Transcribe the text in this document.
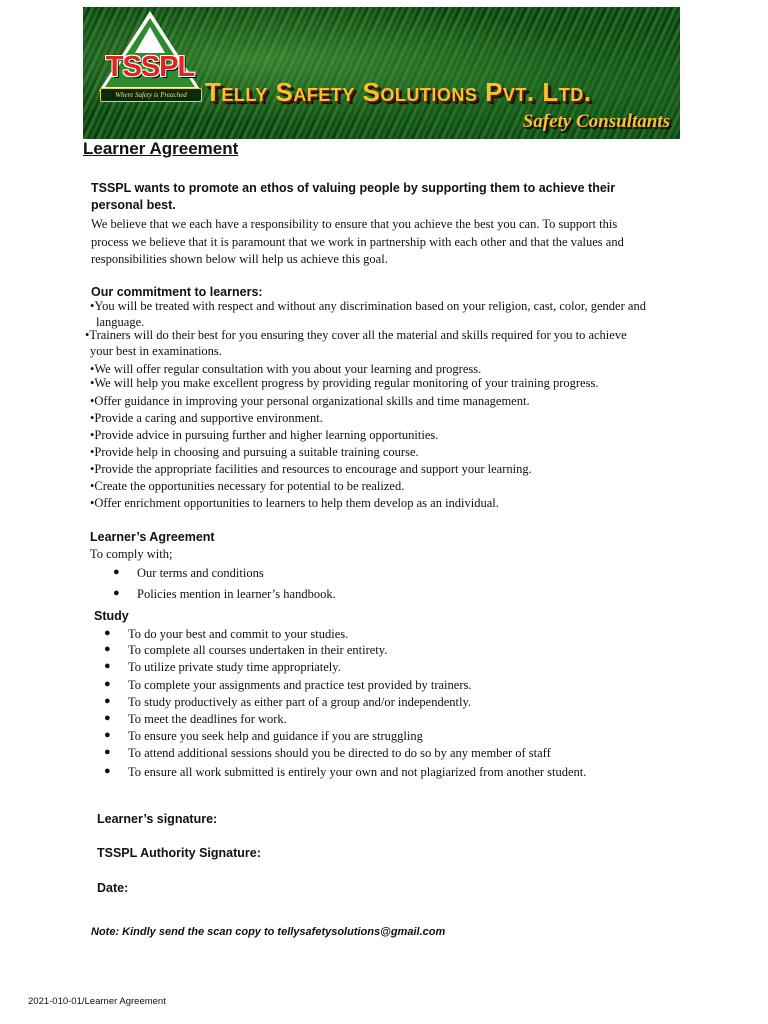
TSSPL
Where Safety is Preached Telly Safety Solutions Pvt. Ltd.
Safety Consultants
Learner Agreement

TSSPL wants to promote an ethos of valuing people by supporting them to achieve their personal best.

We believe that we each have a responsibility to ensure that you achieve the best you can. To support this process we believe that it is paramount that we work in partnership with each other and that the values and responsibilities shown below will help us achieve this goal.

Our commitment to learners:

•You will be treated with respect and without any discrimination based on your religion, cast, color, gender and
language.
•Trainers will do their best for you ensuring they cover all the material and skills required for you to achieve
your best in examinations.
•We will offer regular consultation with you about your learning and progress.
•We will help you make excellent progress by providing regular monitoring of your training progress.
•Offer guidance in improving your personal organizational skills and time management.
•Provide a caring and supportive environment.
•Provide advice in pursuing further and higher learning opportunities.
•Provide help in choosing and pursuing a suitable training course.
•Provide the appropriate facilities and resources to encourage and support your learning.
•Create the opportunities necessary for potential to be realized.
•Offer enrichment opportunities to learners to help them develop as an individual.

Learner’s Agreement

To comply with;

● Our terms and conditions
● Policies mention in learner’s handbook.

Study

● To do your best and commit to your studies.
● To complete all courses undertaken in their entirety.
● To utilize private study time appropriately.
● To complete your assignments and practice test provided by trainers.
● To study productively as either part of a group and/or independently.
● To meet the deadlines for work.
● To ensure you seek help and guidance if you are struggling
● To attend additional sessions should you be directed to do so by any member of staff
● To ensure all work submitted is entirely your own and not plagiarized from another student.

Learner’s signature:

TSSPL Authority Signature:

Date:

Note: Kindly send the scan copy to tellysafetysolutions@gmail.com

2021-010-01/Learner Agreement
